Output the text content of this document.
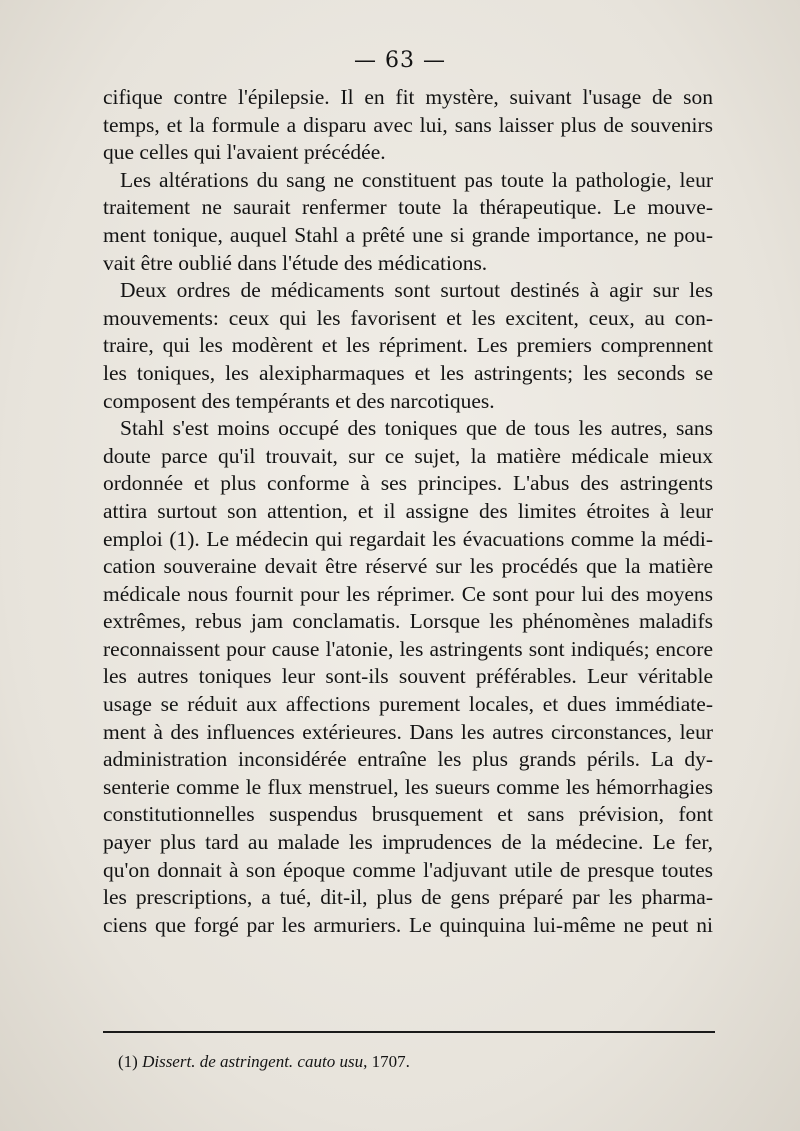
— 63 —
cifique contre l'épilepsie. Il en fit mystère, suivant l'usage de son
temps, et la formule a disparu avec lui, sans laisser plus de souvenirs
que celles qui l'avaient précédée.
Les altérations du sang ne constituent pas toute la pathologie, leur
traitement ne saurait renfermer toute la thérapeutique. Le mouve-
ment tonique, auquel Stahl a prêté une si grande importance, ne pou-
vait être oublié dans l'étude des médications.
Deux ordres de médicaments sont surtout destinés à agir sur les
mouvements: ceux qui les favorisent et les excitent, ceux, au con-
traire, qui les modèrent et les répriment. Les premiers comprennent
les toniques, les alexipharmaques et les astringents; les seconds se
composent des tempérants et des narcotiques.
Stahl s'est moins occupé des toniques que de tous les autres, sans
doute parce qu'il trouvait, sur ce sujet, la matière médicale mieux
ordonnée et plus conforme à ses principes. L'abus des astringents
attira surtout son attention, et il assigne des limites étroites à leur
emploi (1). Le médecin qui regardait les évacuations comme la médi-
cation souveraine devait être réservé sur les procédés que la matière
médicale nous fournit pour les réprimer. Ce sont pour lui des moyens
extrêmes, rebus jam conclamatis. Lorsque les phénomènes maladifs
reconnaissent pour cause l'atonie, les astringents sont indiqués; encore
les autres toniques leur sont-ils souvent préférables. Leur véritable
usage se réduit aux affections purement locales, et dues immédiate-
ment à des influences extérieures. Dans les autres circonstances, leur
administration inconsidérée entraîne les plus grands périls. La dy-
senterie comme le flux menstruel, les sueurs comme les hémorrhagies
constitutionnelles suspendus brusquement et sans prévision, font
payer plus tard au malade les imprudences de la médecine. Le fer,
qu'on donnait à son époque comme l'adjuvant utile de presque toutes
les prescriptions, a tué, dit-il, plus de gens préparé par les pharma-
ciens que forgé par les armuriers. Le quinquina lui-même ne peut ni
(1) Dissert. de astringent. cauto usu, 1707.
